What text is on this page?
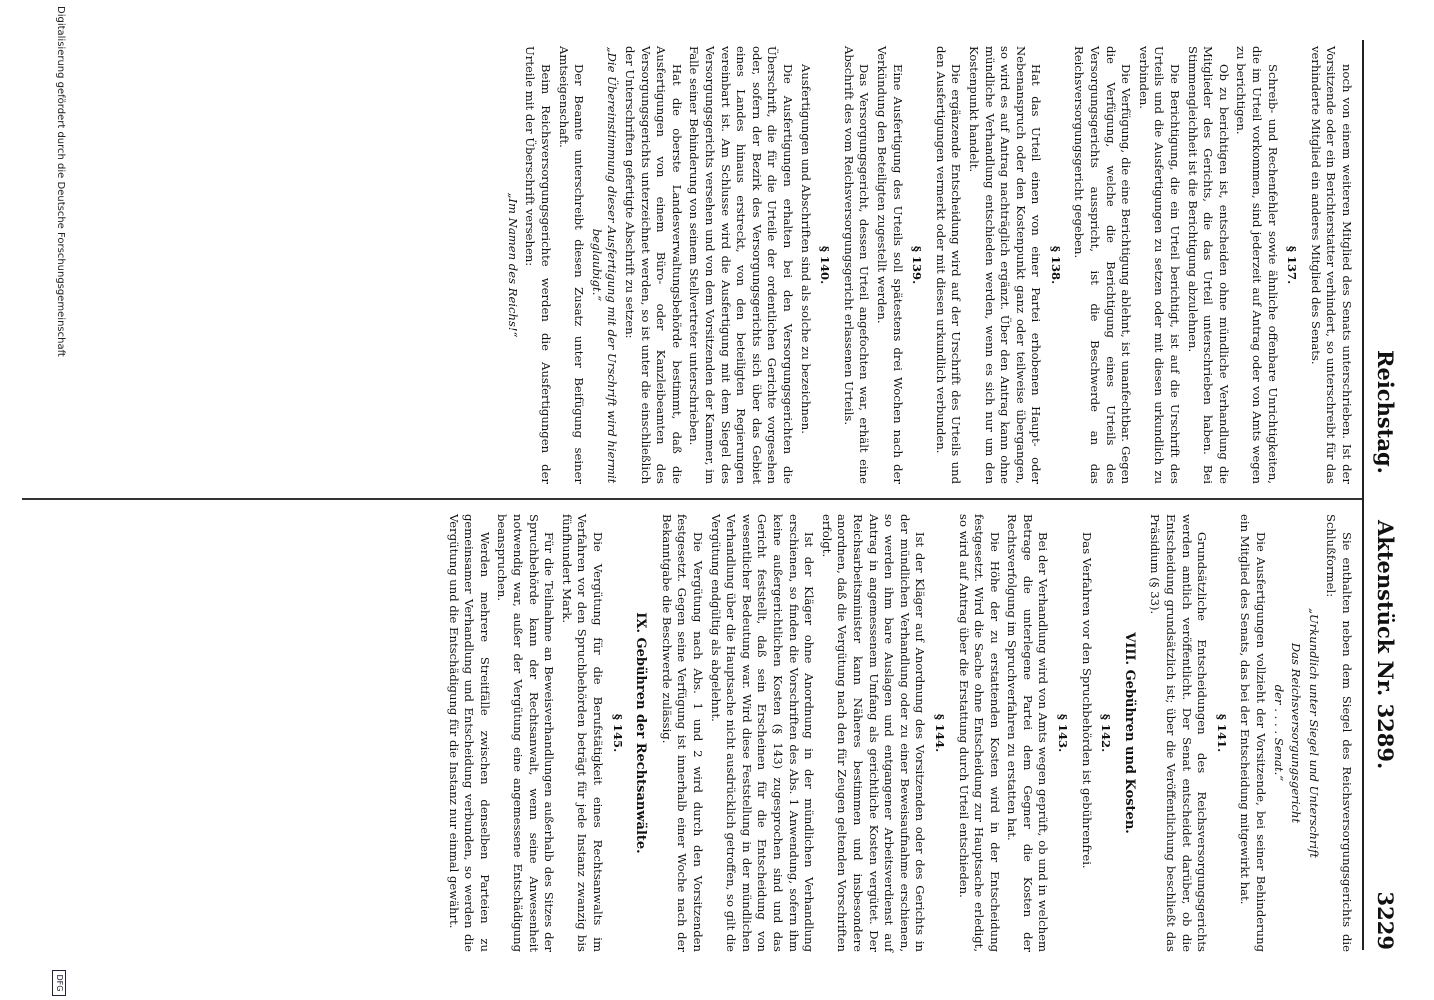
Reichstag.
Aktenstück Nr. 3289.
3229

noch von einem weiteren Mitglied des Senats unterschrieben. Ist der Vorsitzende oder ein Berichterstatter verhindert, so unterschreibt für das verhinderte Mitglied ein anderes Mitglied des Senats.

§ 137.

Schreib- und Rechenfehler sowie ähnliche offenbare Unrichtigkeiten, die im Urteil vorkommen, sind jederzeit auf Antrag oder von Amts wegen zu berichtigen.

Ob zu berichtigen ist, entscheiden ohne mündliche Verhandlung die Mitglieder des Gerichts, die das Urteil unterschrieben haben. Bei Stimmengleichheit ist die Berichtigung abzulehnen.

Die Berichtigung, die ein Urteil berichtigt, ist auf die Urschrift des Urteils und die Ausfertigungen zu setzen oder mit diesen urkundlich zu verbinden.

Die Verfügung, die eine Berichtigung ablehnt, ist unanfechtbar. Gegen die Verfügung, welche die Berichtigung eines Urteils des Versorgungsgerichts ausspricht, ist die Beschwerde an das Reichsversorgungsgericht gegeben.

§ 138.

Hat das Urteil einen von einer Partei erhobenen Haupt- oder Nebenanspruch oder den Kostenpunkt ganz oder teilweise übergangen, so wird es auf Antrag nachträglich ergänzt. Über den Antrag kann ohne mündliche Verhandlung entschieden werden, wenn es sich nur um den Kostenpunkt handelt.

Die ergänzende Entscheidung wird auf der Urschrift des Urteils und den Ausfertigungen vermerkt oder mit diesen urkundlich verbunden.

§ 139.

Eine Ausfertigung des Urteils soll spätestens drei Wochen nach der Verkündung den Beteiligten zugestellt werden.

Das Versorgungsgericht, dessen Urteil angefochten war, erhält eine Abschrift des vom Reichsversorgungsgericht erlassenen Urteils.

§ 140.

Ausfertigungen und Abschriften sind als solche zu bezeichnen.

Die Ausfertigungen erhalten bei den Versorgungsgerichten die Überschrift, die für die Urteile der ordentlichen Gerichte vorgesehen oder, sofern der Bezirk des Versorgungsgerichts sich über das Gebiet eines Landes hinaus erstreckt, von den beteiligten Regierungen vereinbart ist. Am Schlusse wird die Ausfertigung mit dem Siegel des Versorgungsgerichts versehen und von dem Vorsitzenden der Kammer, im Falle seiner Behinderung von seinem Stellvertreter unterschrieben.

Hat die oberste Landesverwaltungsbehörde bestimmt, daß die Ausfertigungen von einem Büro- oder Kanzleibeamten des Versorgungsgerichts unterzeichnet werden, so ist unter die einschließlich der Unterschriften gefertigte Abschrift zu setzen:

„Die Übereinstimmung dieser Ausfertigung mit der Urschrift wird hiermit beglaubigt.“

Der Beamte unterschreibt diesen Zusatz unter Beifügung seiner Amtseigenschaft.

Beim Reichsversorgungsgerichte werden die Ausfertigungen der Urteile mit der Überschrift versehen:

„Im Namen des Reichs!“

Sie enthalten neben dem Siegel des Reichsversorgungsgerichts die Schlußformel:

„Urkundlich unter Siegel und Unterschrift

Das Reichsversorgungsgericht

der . . . . Senat.“

Die Ausfertigungen vollzieht der Vorsitzende, bei seiner Behinderung ein Mitglied des Senats, das bei der Entscheidung mitgewirkt hat.

§ 141.

Grundsätzliche Entscheidungen des Reichsversorgungsgerichts werden amtlich veröffentlicht. Der Senat entscheidet darüber, ob die Entscheidung grundsätzlich ist; über die Veröffentlichung beschließt das Präsidium (§ 33).

VIII. Gebühren und Kosten.

§ 142.

Das Verfahren vor den Spruchbehörden ist gebührenfrei.

§ 143.

Bei der Verhandlung wird von Amts wegen geprüft, ob und in welchem Betrage die unterlegene Partei dem Gegner die Kosten der Rechtsverfolgung im Spruchverfahren zu erstatten hat.

Die Höhe der zu erstattenden Kosten wird in der Entscheidung festgesetzt. Wird die Sache ohne Entscheidung zur Hauptsache erledigt, so wird auf Antrag über die Erstattung durch Urteil entschieden.

§ 144.

Ist der Kläger auf Anordnung des Vorsitzenden oder des Gerichts in der mündlichen Verhandlung oder zu einer Beweisaufnahme erschienen, so werden ihm bare Auslagen und entgangener Arbeitsverdienst auf Antrag in angemessenem Umfang als gerichtliche Kosten vergütet. Der Reichsarbeitsminister kann Näheres bestimmen und insbesondere anordnen, daß die Vergütung nach den für Zeugen geltenden Vorschriften erfolgt.

Ist der Kläger ohne Anordnung in der mündlichen Verhandlung erschienen, so finden die Vorschriften des Abs. 1 Anwendung, sofern ihm keine außergerichtlichen Kosten (§ 143) zugesprochen sind und das Gericht feststellt, daß sein Erscheinen für die Entscheidung von wesentlicher Bedeutung war. Wird diese Feststellung in der mündlichen Verhandlung über die Hauptsache nicht ausdrücklich getroffen, so gilt die Vergütung endgültig als abgelehnt.

Die Vergütung nach Abs. 1 und 2 wird durch den Vorsitzenden festgesetzt. Gegen seine Verfügung ist innerhalb einer Woche nach der Bekanntgabe die Beschwerde zulässig.

IX. Gebühren der Rechtsanwälte.

§ 145.

Die Vergütung für die Berufstätigkeit eines Rechtsanwalts im Verfahren vor den Spruchbehörden beträgt für jede Instanz zwanzig bis fünfhundert Mark.

Für die Teilnahme an Beweisverhandlungen außerhalb des Sitzes der Spruchbehörde kann der Rechtsanwalt, wenn seine Anwesenheit notwendig war, außer der Vergütung eine angemessene Entschädigung beanspruchen.

Werden mehrere Streitfälle zwischen denselben Parteien zu gemeinsamer Verhandlung und Entscheidung verbunden, so werden die Vergütung und die Entschädigung für die Instanz nur einmal gewährt.

Digitalisierung gefördert durch die Deutsche Forschungsgemeinschaft
DFG
